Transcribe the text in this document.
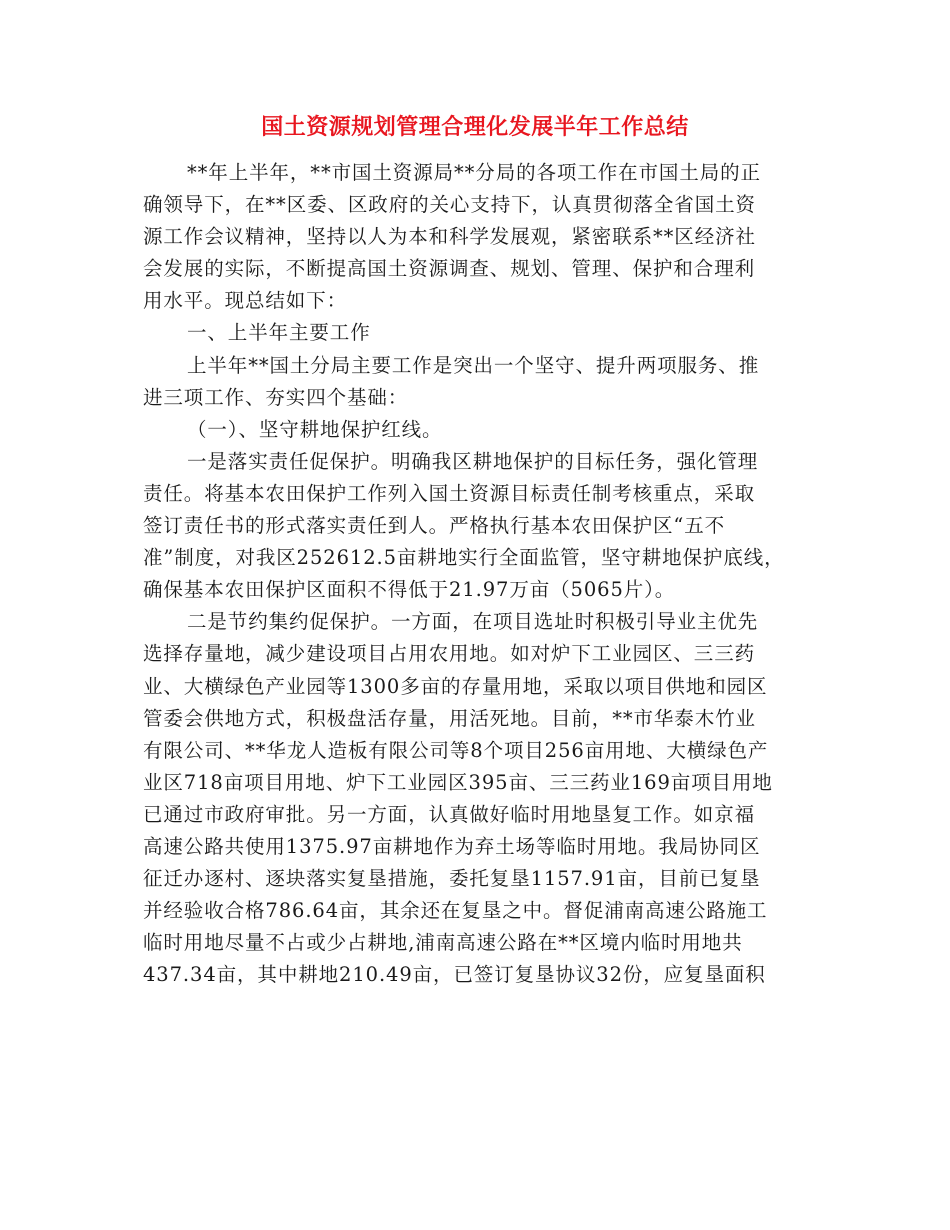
国土资源规划管理合理化发展半年工作总结
**年上半年，**市国土资源局**分局的各项工作在市国土局的正
确领导下，在**区委、区政府的关心支持下，认真贯彻落全省国土资
源工作会议精神，坚持以人为本和科学发展观，紧密联系**区经济社
会发展的实际，不断提高国土资源调查、规划、管理、保护和合理利
用水平。现总结如下：
一、上半年主要工作
上半年**国土分局主要工作是突出一个坚守、提升两项服务、推
进三项工作、夯实四个基础：
（一）、坚守耕地保护红线。
一是落实责任促保护。明确我区耕地保护的目标任务，强化管理
责任。将基本农田保护工作列入国土资源目标责任制考核重点，采取
签订责任书的形式落实责任到人。严格执行基本农田保护区“五不
准”制度，对我区252612.5亩耕地实行全面监管，坚守耕地保护底线，
确保基本农田保护区面积不得低于21.97万亩（5065片）。
二是节约集约促保护。一方面，在项目选址时积极引导业主优先
选择存量地，减少建设项目占用农用地。如对炉下工业园区、三三药
业、大横绿色产业园等1300多亩的存量用地，采取以项目供地和园区
管委会供地方式，积极盘活存量，用活死地。目前，**市华泰木竹业
有限公司、**华龙人造板有限公司等8个项目256亩用地、大横绿色产
业区718亩项目用地、炉下工业园区395亩、三三药业169亩项目用地
已通过市政府审批。另一方面，认真做好临时用地垦复工作。如京福
高速公路共使用1375.97亩耕地作为弃土场等临时用地。我局协同区
征迁办逐村、逐块落实复垦措施，委托复垦1157.91亩，目前已复垦
并经验收合格786.64亩，其余还在复垦之中。督促浦南高速公路施工
临时用地尽量不占或少占耕地,浦南高速公路在**区境内临时用地共
437.34亩，其中耕地210.49亩，已签订复垦协议32份，应复垦面积
